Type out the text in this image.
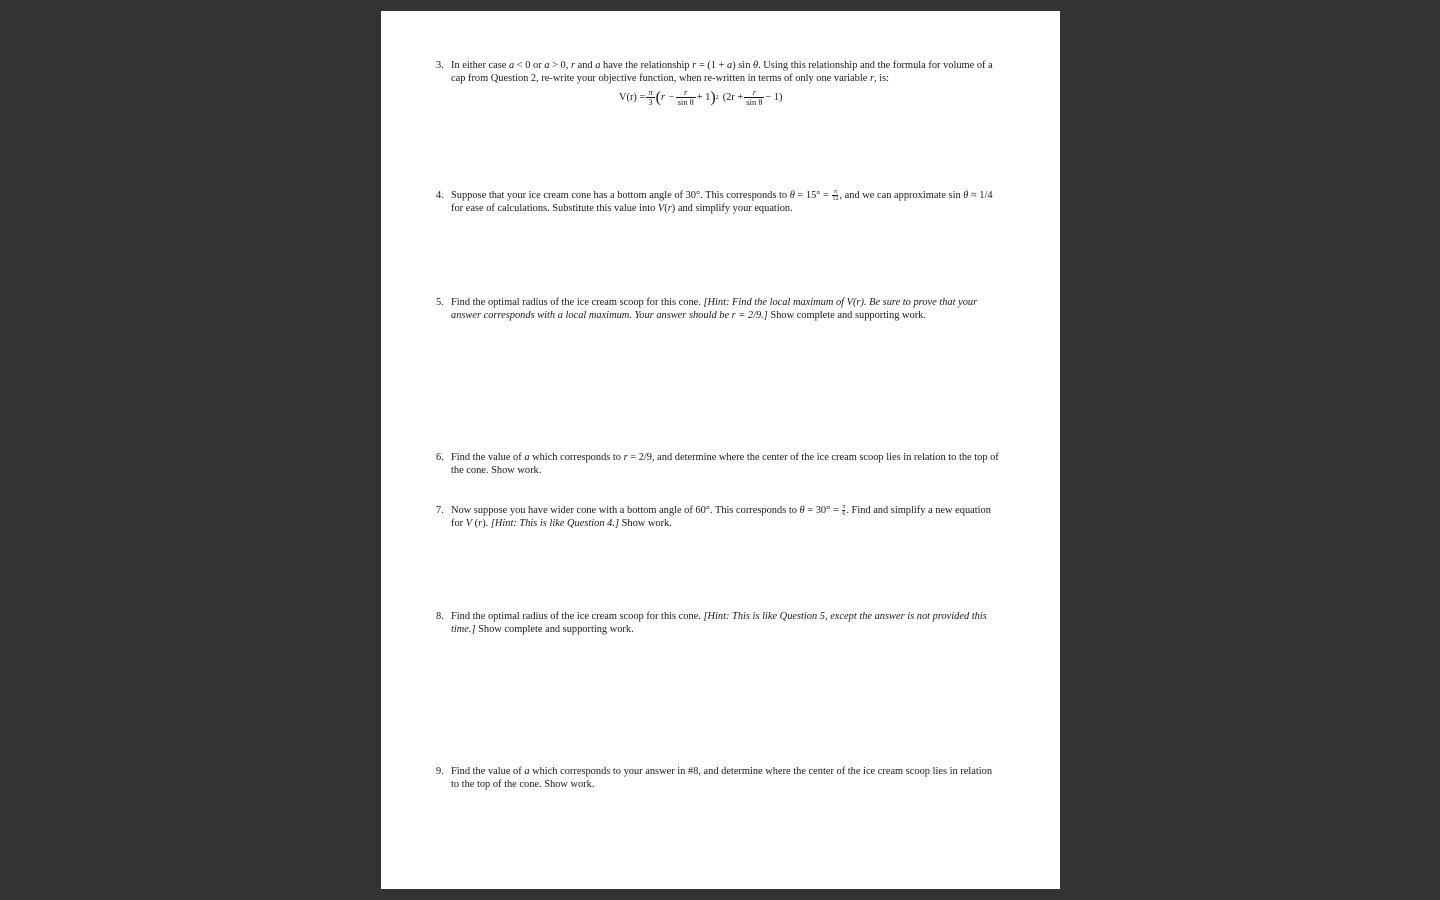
3. In either case a < 0 or a > 0, r and a have the relationship r = (1 + a) sin θ. Using this relationship and the formula for volume of a cap from Question 2, re-write your objective function, when re-written in terms of only one variable r, is:
$V(r) = \frac{\pi}{3}$ ( $r - \frac{r}{\text{sin θ}} + 1$ ) 2 $(2r + \frac{r}{\text{sin θ}} - 1)$
4. Suppose that your ice cream cone has a bottom angle of 30°. This corresponds to $\theta = 15^\circ = \frac{\pi}{12}$ , and we can approximate sin θ ≈ 1/4 for ease of calculations. Substitute this value into V(r) and simplify your equation.
5. Find the optimal radius of the ice cream scoop for this cone. [Hint: Find the local maximum of V(r). Be sure to prove that your answer corresponds with a local maximum. Your answer should be r = 2/9.] Show complete and supporting work.
6. Find the value of a which corresponds to r = 2/9, and determine where the center of the ice cream scoop lies in relation to the top of the cone. Show work.
7. Now suppose you have wider cone with a bottom angle of 60°. This corresponds to $\theta = 30^\circ = \frac{\pi}{6}$ . Find and simplify a new equation for V (r). [Hint: This is like Question 4.] Show work.
8. Find the optimal radius of the ice cream scoop for this cone. [Hint: This is like Question 5, except the answer is not provided this time.] Show complete and supporting work.
9. Find the value of a which corresponds to your answer in #8, and determine where the center of the ice cream scoop lies in relation to the top of the cone. Show work.
